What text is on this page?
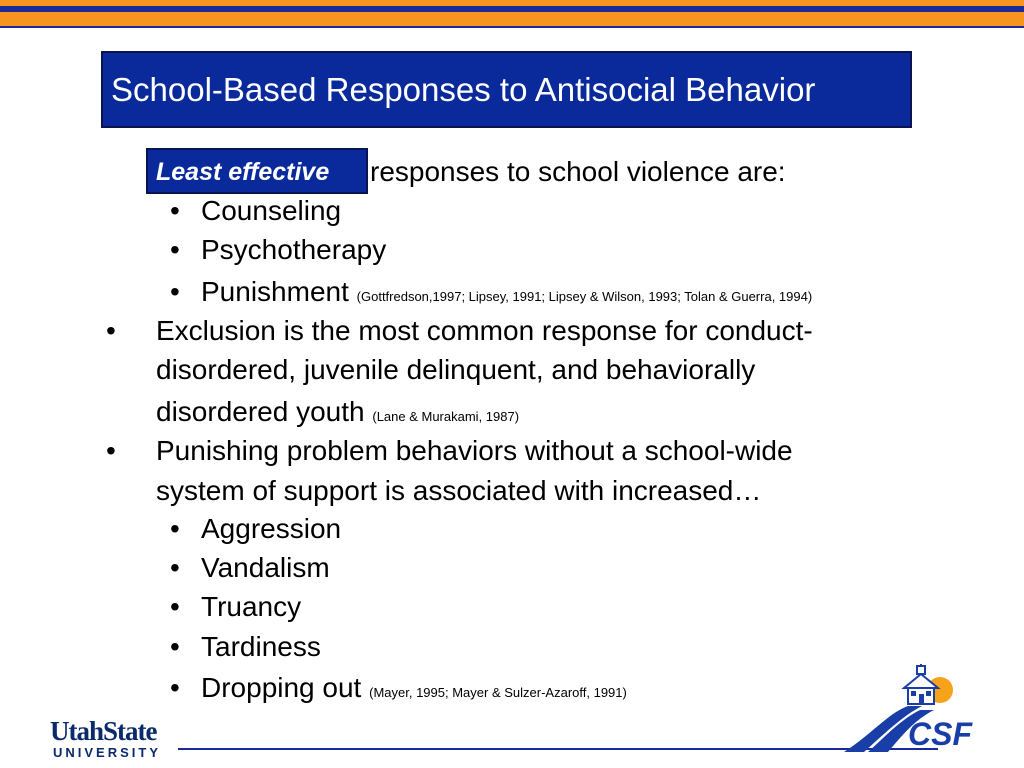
School-Based Responses to Antisocial Behavior
Least effective responses to school violence are:
• Counseling
• Psychotherapy
• Punishment (Gottfredson,1997; Lipsey, 1991; Lipsey & Wilson, 1993; Tolan & Guerra, 1994)
• Exclusion is the most common response for conduct-
disordered, juvenile delinquent, and behaviorally
disordered youth (Lane & Murakami, 1987)
• Punishing problem behaviors without a school-wide
system of support is associated with increased…
• Aggression
• Vandalism
• Truancy
• Tardiness
• Dropping out (Mayer, 1995; Mayer & Sulzer-Azaroff, 1991)
UtahState
UNIVERSITY
CSF
